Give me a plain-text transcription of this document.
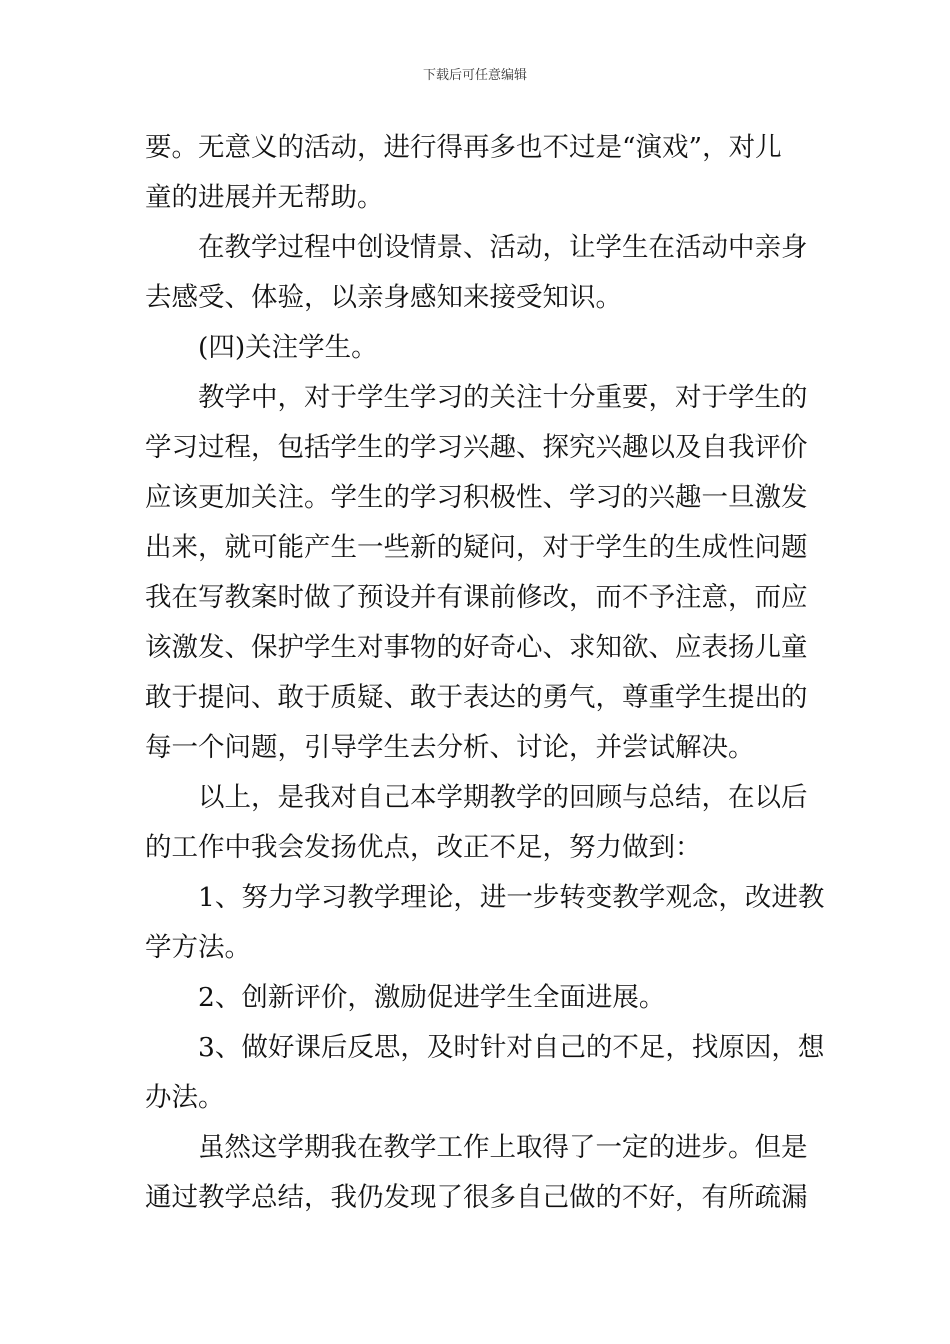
下载后可任意编辑
要。无意义的活动，进行得再多也不过是“演戏”，对儿
童的进展并无帮助。
在教学过程中创设情景、活动，让学生在活动中亲身
去感受、体验，以亲身感知来接受知识。
(四)关注学生。
教学中，对于学生学习的关注十分重要，对于学生的
学习过程，包括学生的学习兴趣、探究兴趣以及自我评价
应该更加关注。学生的学习积极性、学习的兴趣一旦激发
出来，就可能产生一些新的疑问，对于学生的生成性问题
我在写教案时做了预设并有课前修改，而不予注意，而应
该激发、保护学生对事物的好奇心、求知欲、应表扬儿童
敢于提问、敢于质疑、敢于表达的勇气，尊重学生提出的
每一个问题，引导学生去分析、讨论，并尝试解决。
以上，是我对自己本学期教学的回顾与总结，在以后
的工作中我会发扬优点，改正不足，努力做到：
1、努力学习教学理论，进一步转变教学观念，改进教
学方法。
2、创新评价，激励促进学生全面进展。
3、做好课后反思，及时针对自己的不足，找原因，想
办法。
虽然这学期我在教学工作上取得了一定的进步。但是
通过教学总结，我仍发现了很多自己做的不好，有所疏漏
